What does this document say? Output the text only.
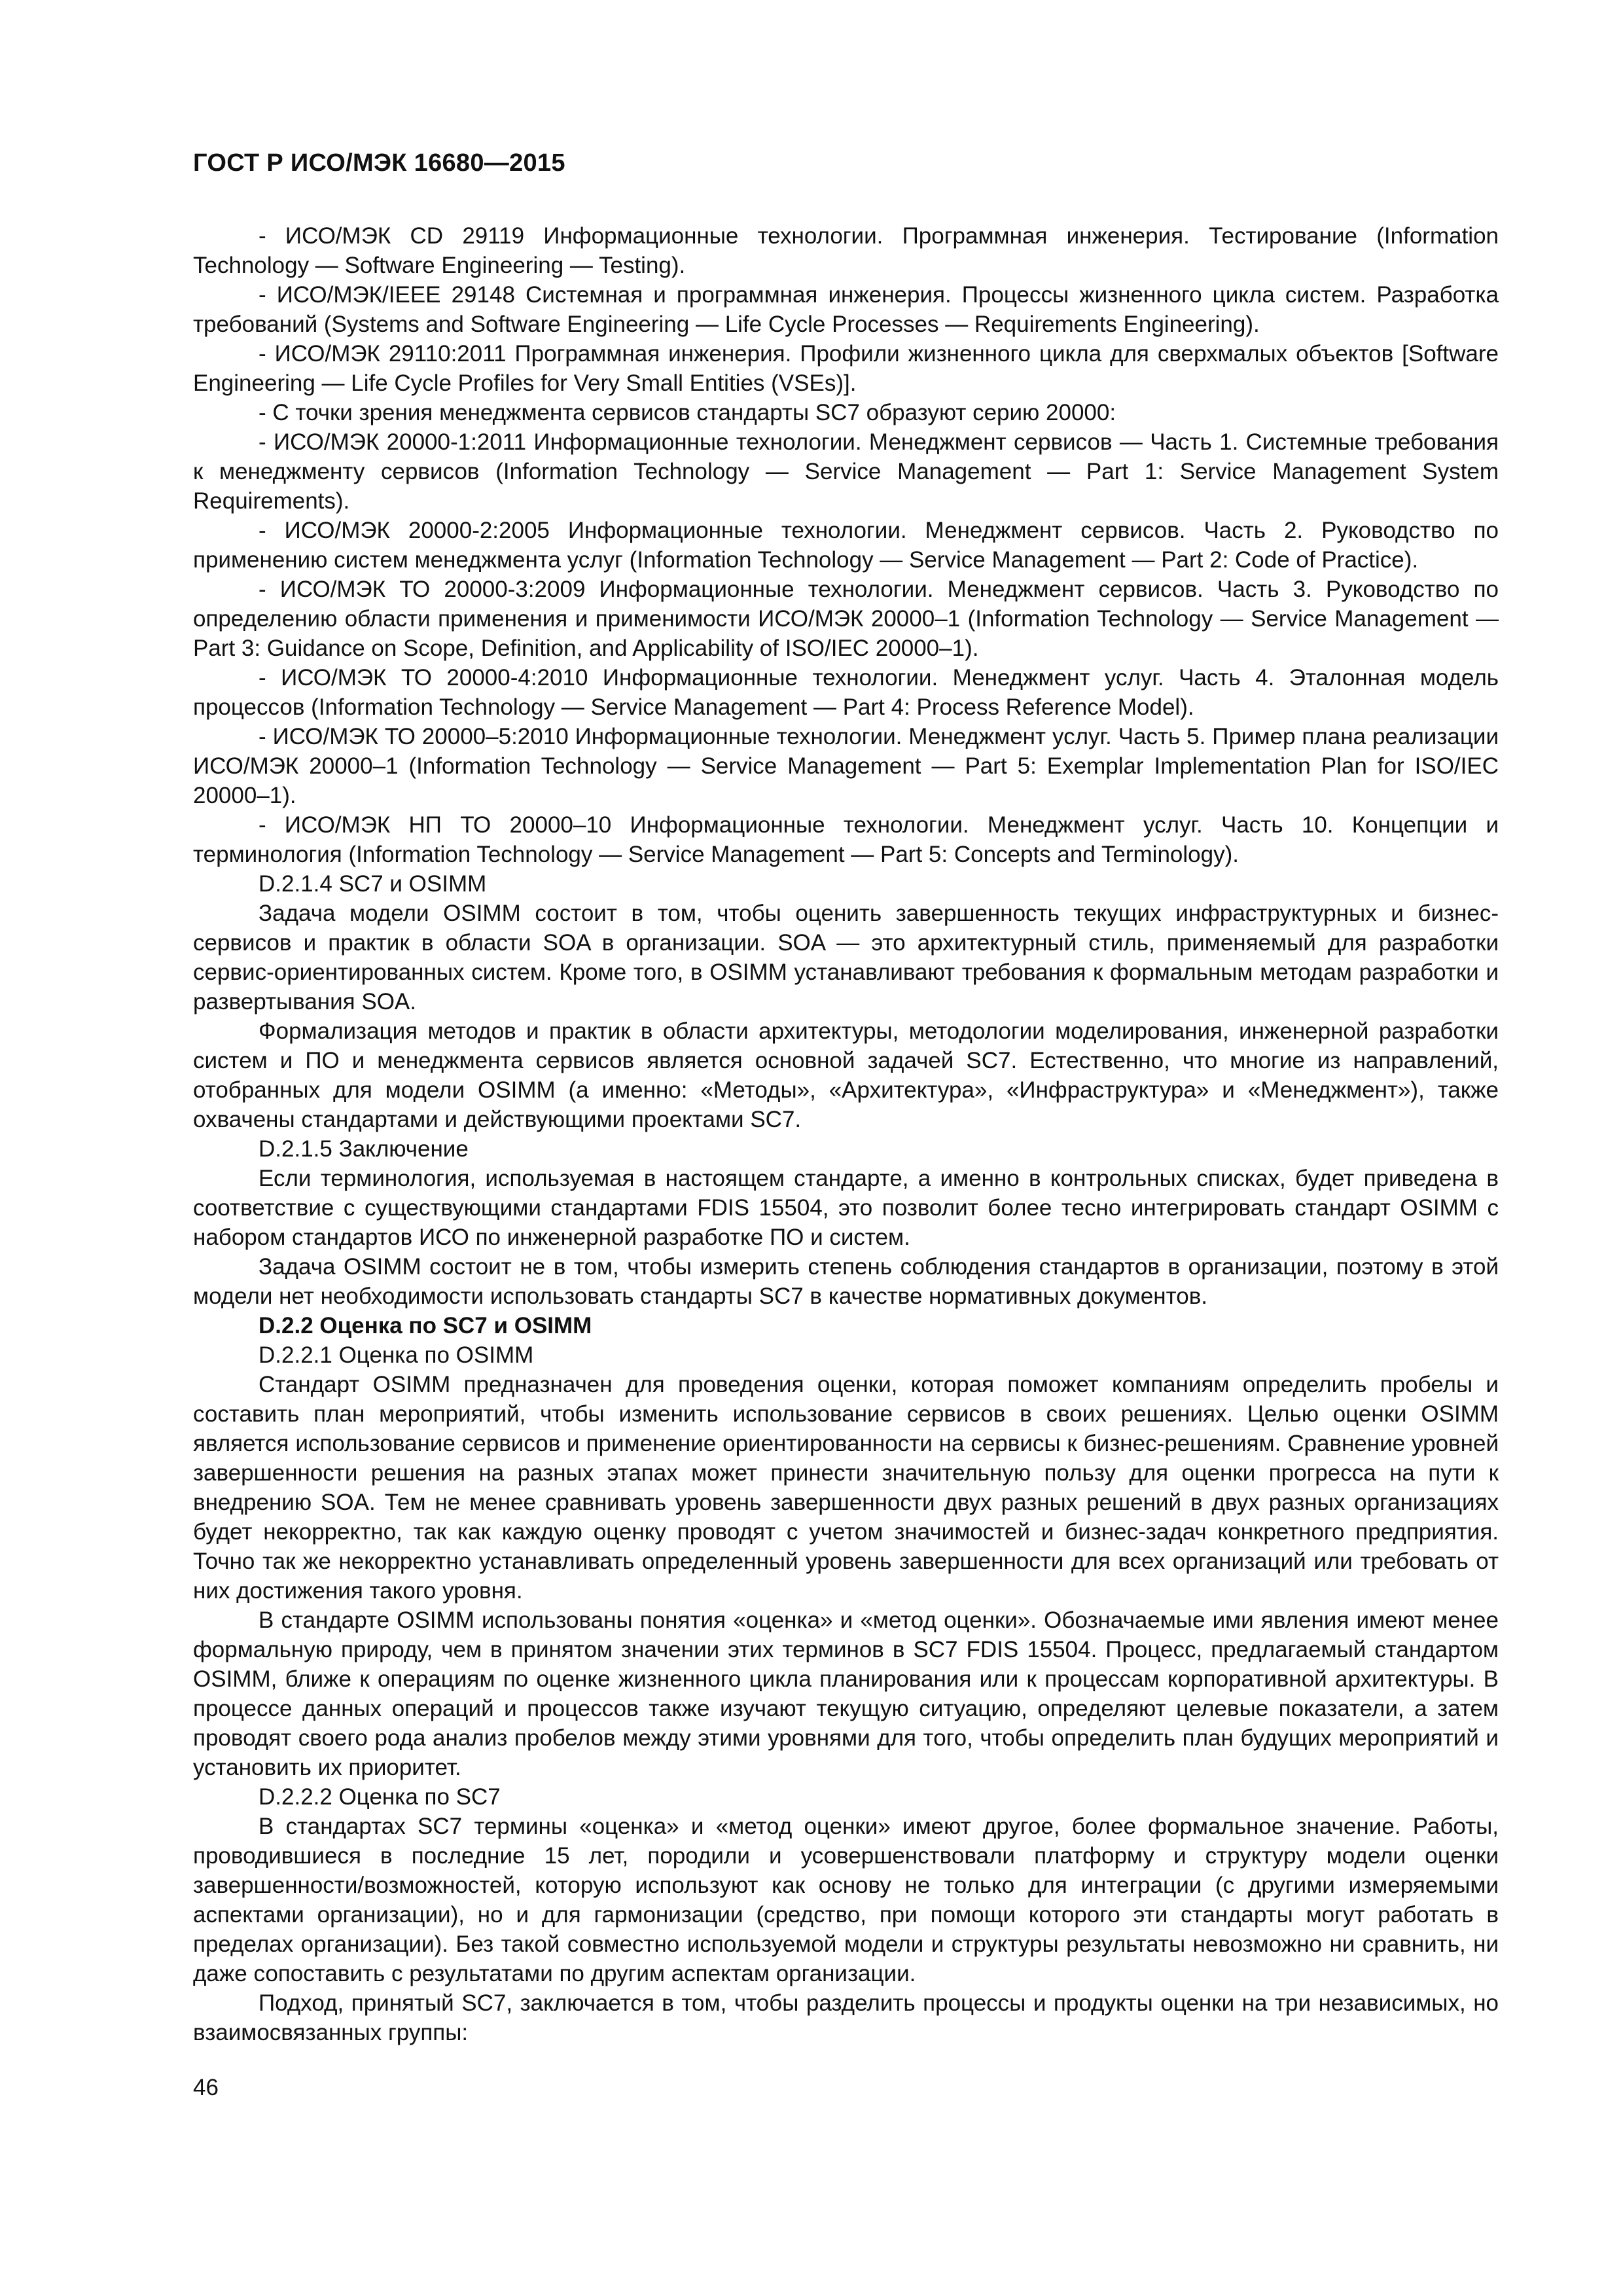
ГОСТ Р ИСО/МЭК 16680—2015

- ИСО/МЭК CD 29119 Информационные технологии. Программная инженерия. Тестирование (Information Technology — Software Engineering — Testing).

- ИСО/МЭК/IEEE 29148 Системная и программная инженерия. Процессы жизненного цикла систем. Разработка требований (Systems and Software Engineering — Life Cycle Processes — Requirements Engineering).

- ИСО/МЭК 29110:2011 Программная инженерия. Профили жизненного цикла для сверхмалых объектов [Software Engineering — Life Cycle Profiles for Very Small Entities (VSEs)].

- С точки зрения менеджмента сервисов стандарты SC7 образуют серию 20000:

- ИСО/МЭК 20000-1:2011 Информационные технологии. Менеджмент сервисов — Часть 1. Системные требования к менеджменту сервисов (Information Technology — Service Management — Part 1: Service Management System Requirements).

- ИСО/МЭК 20000-2:2005 Информационные технологии. Менеджмент сервисов. Часть 2. Руководство по применению систем менеджмента услуг (Information Technology — Service Management — Part 2: Code of Practice).

- ИСО/МЭК ТО 20000-3:2009 Информационные технологии. Менеджмент сервисов. Часть 3. Руководство по определению области применения и применимости ИСО/МЭК 20000–1 (Information Technology — Service Management — Part 3: Guidance on Scope, Definition, and Applicability of ISO/IEC 20000–1).

- ИСО/МЭК ТО 20000-4:2010 Информационные технологии. Менеджмент услуг. Часть 4. Эталонная модель процессов (Information Technology — Service Management — Part 4: Process Reference Model).

- ИСО/МЭК ТО 20000–5:2010 Информационные технологии. Менеджмент услуг. Часть 5. Пример плана реализации ИСО/МЭК 20000–1 (Information Technology — Service Management — Part 5: Exemplar Implementation Plan for ISO/IEC 20000–1).

- ИСО/МЭК НП ТО 20000–10 Информационные технологии. Менеджмент услуг. Часть 10. Концепции и терминология (Information Technology — Service Management — Part 5: Concepts and Terminology).

D.2.1.4 SC7 и OSIMM

Задача модели OSIMM состоит в том, чтобы оценить завершенность текущих инфраструктурных и бизнес-сервисов и практик в области SOA в организации. SOA — это архитектурный стиль, применяемый для разработки сервис-ориентированных систем. Кроме того, в OSIMM устанавливают требования к формальным методам разработки и развертывания SOA.

Формализация методов и практик в области архитектуры, методологии моделирования, инженерной разработки систем и ПО и менеджмента сервисов является основной задачей SC7. Естественно, что многие из направлений, отобранных для модели OSIMM (а именно: «Методы», «Архитектура», «Инфраструктура» и «Менеджмент»), также охвачены стандартами и действующими проектами SC7.

D.2.1.5 Заключение

Если терминология, используемая в настоящем стандарте, а именно в контрольных списках, будет приведена в соответствие с существующими стандартами FDIS 15504, это позволит более тесно интегрировать стандарт OSIMM с набором стандартов ИСО по инженерной разработке ПО и систем.

Задача OSIMM состоит не в том, чтобы измерить степень соблюдения стандартов в организации, поэтому в этой модели нет необходимости использовать стандарты SC7 в качестве нормативных документов.

D.2.2 Оценка по SC7 и OSIMM

D.2.2.1 Оценка по OSIMM

Стандарт OSIMM предназначен для проведения оценки, которая поможет компаниям определить пробелы и составить план мероприятий, чтобы изменить использование сервисов в своих решениях. Целью оценки OSIMM является использование сервисов и применение ориентированности на сервисы к бизнес-решениям. Сравнение уровней завершенности решения на разных этапах может принести значительную пользу для оценки прогресса на пути к внедрению SOA. Тем не менее сравнивать уровень завершенности двух разных решений в двух разных организациях будет некорректно, так как каждую оценку проводят с учетом значимостей и бизнес-задач конкретного предприятия. Точно так же некорректно устанавливать определенный уровень завершенности для всех организаций или требовать от них достижения такого уровня.

В стандарте OSIMM использованы понятия «оценка» и «метод оценки». Обозначаемые ими явления имеют менее формальную природу, чем в принятом значении этих терминов в SC7 FDIS 15504. Процесс, предлагаемый стандартом OSIMM, ближе к операциям по оценке жизненного цикла планирования или к процессам корпоративной архитектуры. В процессе данных операций и процессов также изучают текущую ситуацию, определяют целевые показатели, а затем проводят своего рода анализ пробелов между этими уровнями для того, чтобы определить план будущих мероприятий и установить их приоритет.

D.2.2.2 Оценка по SC7

В стандартах SC7 термины «оценка» и «метод оценки» имеют другое, более формальное значение. Работы, проводившиеся в последние 15 лет, породили и усовершенствовали платформу и структуру модели оценки завершенности/возможностей, которую используют как основу не только для интеграции (с другими измеряемыми аспектами организации), но и для гармонизации (средство, при помощи которого эти стандарты могут работать в пределах организации). Без такой совместно используемой модели и структуры результаты невозможно ни сравнить, ни даже сопоставить с результатами по другим аспектам организации.

Подход, принятый SC7, заключается в том, чтобы разделить процессы и продукты оценки на три независимых, но взаимосвязанных группы:

46
